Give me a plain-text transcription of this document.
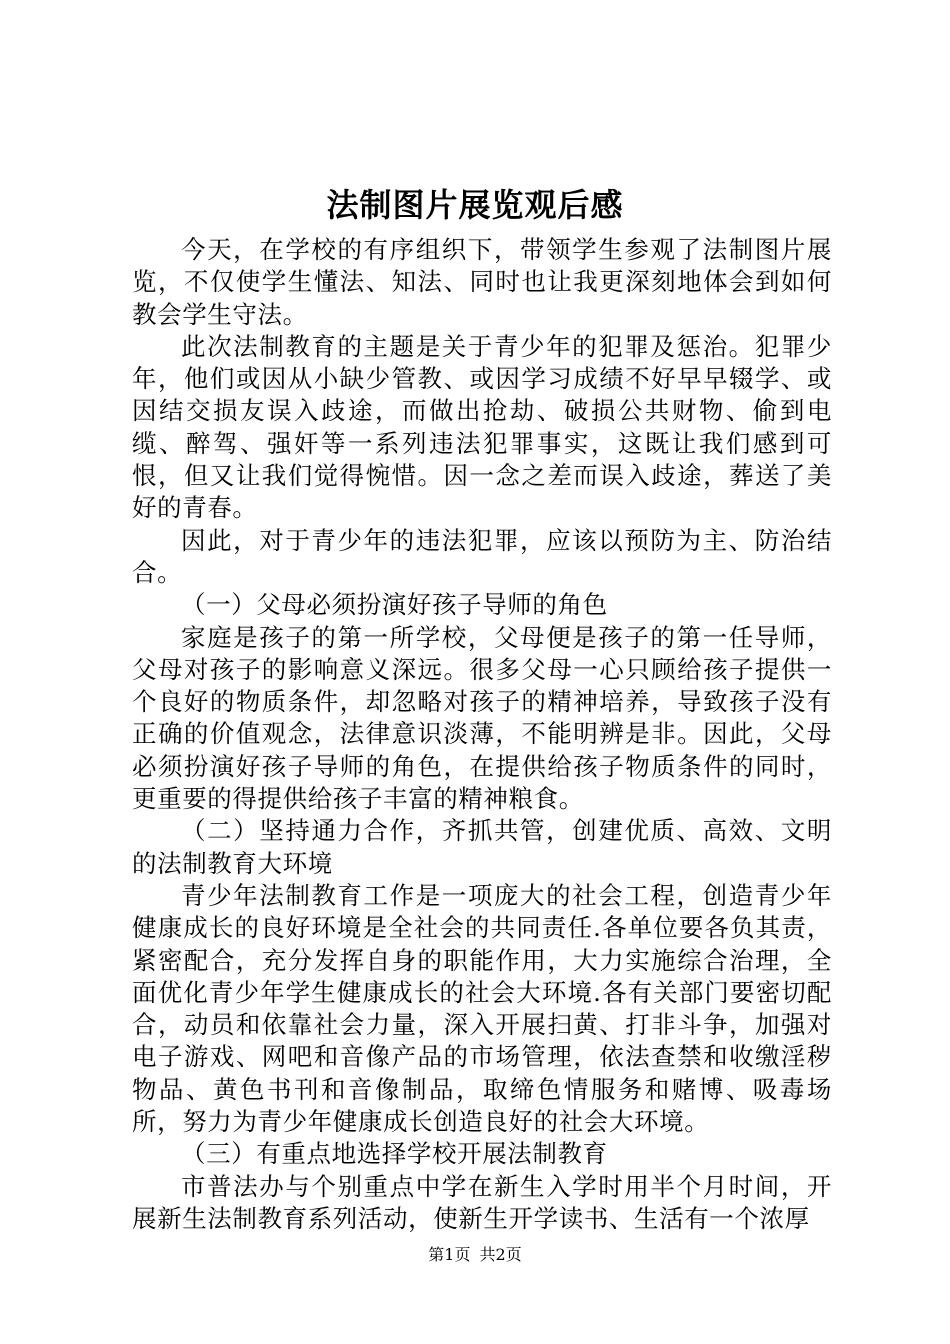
法制图片展览观后感

今天，在学校的有序组织下，带领学生参观了法制图片展览，不仅使学生懂法、知法、同时也让我更深刻地体会到如何教会学生守法。

此次法制教育的主题是关于青少年的犯罪及惩治。犯罪少年，他们或因从小缺少管教、或因学习成绩不好早早辍学、或因结交损友误入歧途，而做出抢劫、破损公共财物、偷到电缆、醉驾、强奸等一系列违法犯罪事实，这既让我们感到可恨，但又让我们觉得惋惜。因一念之差而误入歧途，葬送了美好的青春。

因此，对于青少年的违法犯罪，应该以预防为主、防治结合。

（一）父母必须扮演好孩子导师的角色

家庭是孩子的第一所学校，父母便是孩子的第一任导师，父母对孩子的影响意义深远。很多父母一心只顾给孩子提供一个良好的物质条件，却忽略对孩子的精神培养，导致孩子没有正确的价值观念，法律意识淡薄，不能明辨是非。因此，父母必须扮演好孩子导师的角色，在提供给孩子物质条件的同时，更重要的得提供给孩子丰富的精神粮食。

（二）坚持通力合作，齐抓共管，创建优质、高效、文明的法制教育大环境

青少年法制教育工作是一项庞大的社会工程，创造青少年健康成长的良好环境是全社会的共同责任.各单位要各负其责，紧密配合，充分发挥自身的职能作用，大力实施综合治理，全面优化青少年学生健康成长的社会大环境.各有关部门要密切配合，动员和依靠社会力量，深入开展扫黄、打非斗争，加强对电子游戏、网吧和音像产品的市场管理，依法查禁和收缴淫秽物品、黄色书刊和音像制品，取缔色情服务和赌博、吸毒场所，努力为青少年健康成长创造良好的社会大环境。

（三）有重点地选择学校开展法制教育

市普法办与个别重点中学在新生入学时用半个月时间，开展新生法制教育系列活动，使新生开学读书、生活有一个浓厚

第1页 共2页
